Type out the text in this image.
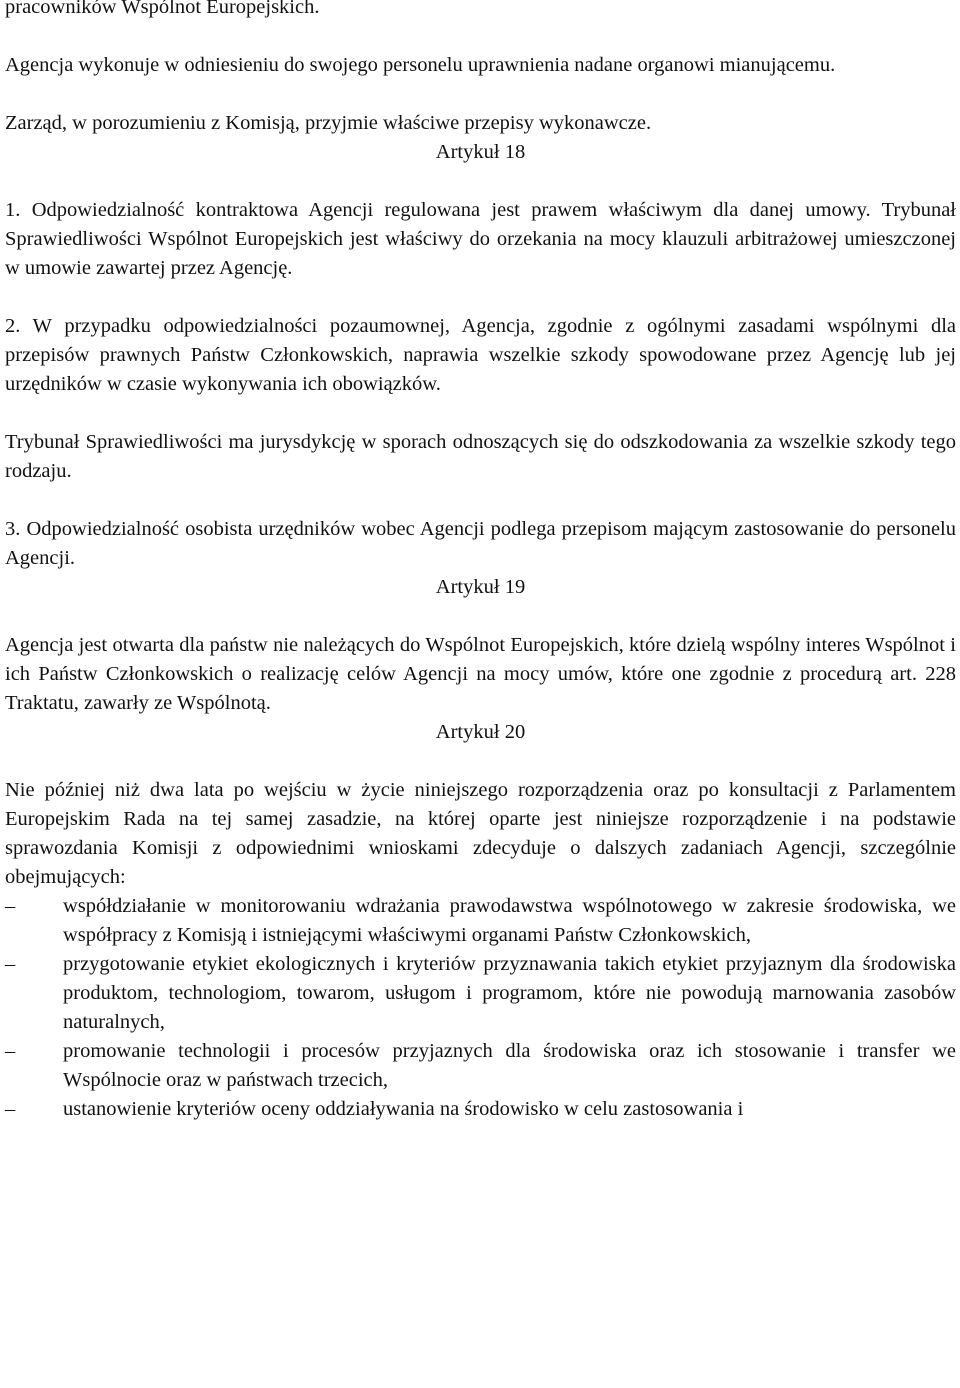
pracowników Wspólnot Europejskich.

Agencja wykonuje w odniesieniu do swojego personelu uprawnienia nadane organowi mianującemu.

Zarząd, w porozumieniu z Komisją, przyjmie właściwe przepisy wykonawcze.

Artykuł 18

1. Odpowiedzialność kontraktowa Agencji regulowana jest prawem właściwym dla danej umowy. Trybunał Sprawiedliwości Wspólnot Europejskich jest właściwy do orzekania na mocy klauzuli arbitrażowej umieszczonej w umowie zawartej przez Agencję.

2. W przypadku odpowiedzialności pozaumownej, Agencja, zgodnie z ogólnymi zasadami wspólnymi dla przepisów prawnych Państw Członkowskich, naprawia wszelkie szkody spowodowane przez Agencję lub jej urzędników w czasie wykonywania ich obowiązków.

Trybunał Sprawiedliwości ma jurysdykcję w sporach odnoszących się do odszkodowania za wszelkie szkody tego rodzaju.

3. Odpowiedzialność osobista urzędników wobec Agencji podlega przepisom mającym zastosowanie do personelu Agencji.

Artykuł 19

Agencja jest otwarta dla państw nie należących do Wspólnot Europejskich, które dzielą wspólny interes Wspólnot i ich Państw Członkowskich o realizację celów Agencji na mocy umów, które one zgodnie z procedurą art. 228 Traktatu, zawarły ze Wspólnotą.

Artykuł 20

Nie później niż dwa lata po wejściu w życie niniejszego rozporządzenia oraz po konsultacji z Parlamentem Europejskim Rada na tej samej zasadzie, na której oparte jest niniejsze rozporządzenie i na podstawie sprawozdania Komisji z odpowiednimi wnioskami zdecyduje o dalszych zadaniach Agencji, szczególnie obejmujących:

–	współdziałanie w monitorowaniu wdrażania prawodawstwa wspólnotowego w zakresie środowiska, we współpracy z Komisją i istniejącymi właściwymi organami Państw Członkowskich,
–	przygotowanie etykiet ekologicznych i kryteriów przyznawania takich etykiet przyjaznym dla środowiska produktom, technologiom, towarom, usługom i programom, które nie powodują marnowania zasobów naturalnych,
–	promowanie technologii i procesów przyjaznych dla środowiska oraz ich stosowanie i transfer we Wspólnocie oraz w państwach trzecich,
–	ustanowienie kryteriów oceny oddziaływania na środowisko w celu zastosowania i
